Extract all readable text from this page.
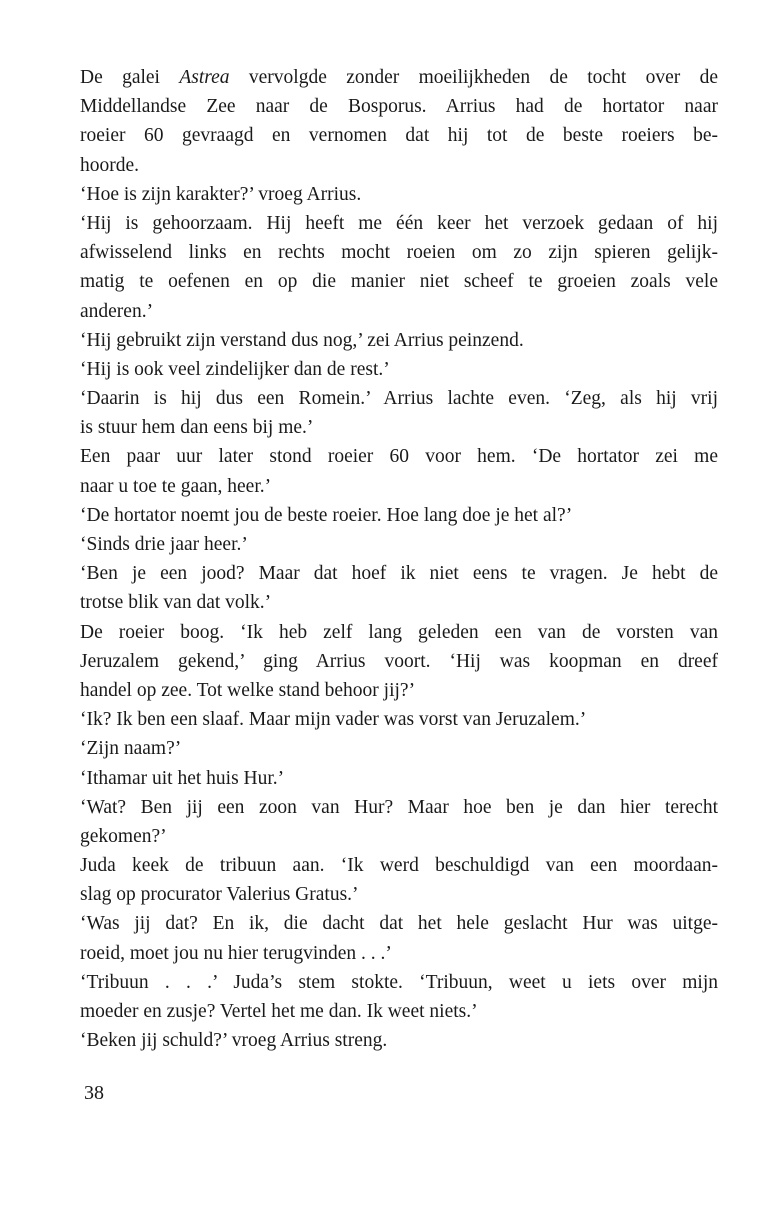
De galei Astrea vervolgde zonder moeilijkheden de tocht over de
Middellandse Zee naar de Bosporus. Arrius had de hortator naar
roeier 60 gevraagd en vernomen dat hij tot de beste roeiers be-
hoorde.
‘Hoe is zijn karakter?’ vroeg Arrius.
‘Hij is gehoorzaam. Hij heeft me één keer het verzoek gedaan of hij
afwisselend links en rechts mocht roeien om zo zijn spieren gelijk-
matig te oefenen en op die manier niet scheef te groeien zoals vele
anderen.’
‘Hij gebruikt zijn verstand dus nog,’ zei Arrius peinzend.
‘Hij is ook veel zindelijker dan de rest.’
‘Daarin is hij dus een Romein.’ Arrius lachte even. ‘Zeg, als hij vrij
is stuur hem dan eens bij me.’
Een paar uur later stond roeier 60 voor hem. ‘De hortator zei me
naar u toe te gaan, heer.’
‘De hortator noemt jou de beste roeier. Hoe lang doe je het al?’
‘Sinds drie jaar heer.’
‘Ben je een jood? Maar dat hoef ik niet eens te vragen. Je hebt de
trotse blik van dat volk.’
De roeier boog. ‘Ik heb zelf lang geleden een van de vorsten van
Jeruzalem gekend,’ ging Arrius voort. ‘Hij was koopman en dreef
handel op zee. Tot welke stand behoor jij?’
‘Ik? Ik ben een slaaf. Maar mijn vader was vorst van Jeruzalem.’
‘Zijn naam?’
‘Ithamar uit het huis Hur.’
‘Wat? Ben jij een zoon van Hur? Maar hoe ben je dan hier terecht
gekomen?’
Juda keek de tribuun aan. ‘Ik werd beschuldigd van een moordaan-
slag op procurator Valerius Gratus.’
‘Was jij dat? En ik, die dacht dat het hele geslacht Hur was uitge-
roeid, moet jou nu hier terugvinden . . .’
‘Tribuun . . .’ Juda’s stem stokte. ‘Tribuun, weet u iets over mijn
moeder en zusje? Vertel het me dan. Ik weet niets.’
‘Beken jij schuld?’ vroeg Arrius streng.
38
